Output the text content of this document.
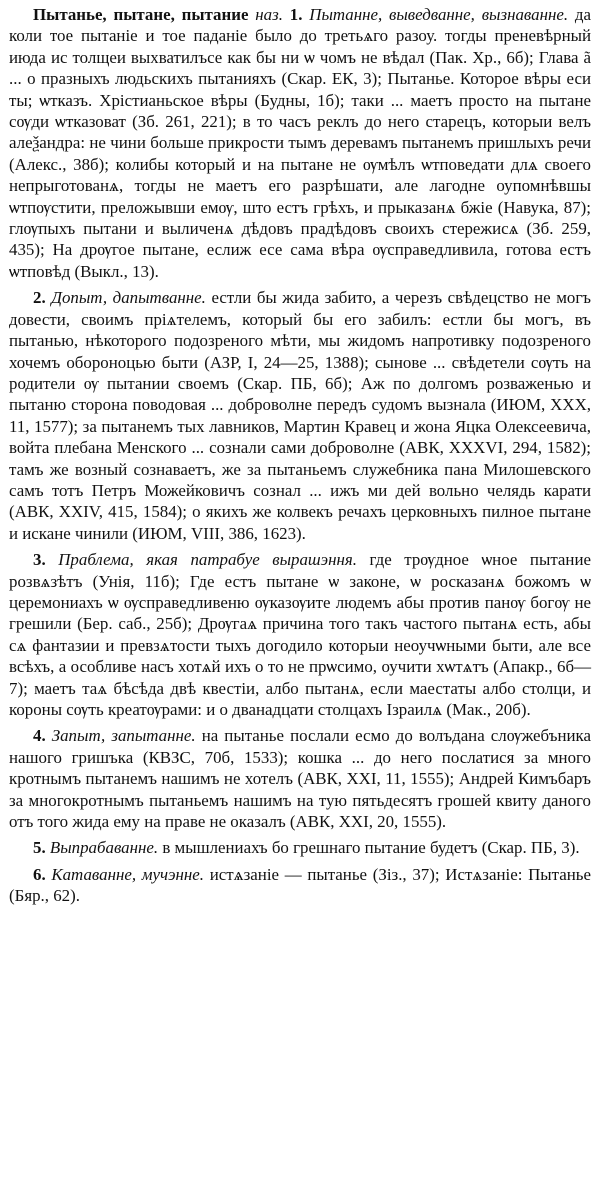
Пытанье, пытане, пытание наз. 1. Пытанне, выведванне, вызнаванне. да коли тое пытаніе и тое паданіе было до третьѧго разоу. тогды преневѣрный июда ис толщеи выхватилъсе как бы ни ѡ чомъ не вѣдал (Пак. Хр., 6б); Глава ã ... о празныхъ людьскихъ пытанияхъ (Скар. ЕК, 3); Пытанье. Которое вѣры еси ты; ѡтказъ. Хрістианьское вѣры (Будны, 1б); таки ... маетъ просто на пытане сѹди ѡтказоват (Зб. 261, 221); в то часъ реклъ до него старецъ, которыи велъ алеѯандра: не чини больше прикрости тымъ деревамъ пытанемъ пришлыхъ речи (Алекс., 38б); колибы который и на пытане не ѹмѣлъ ѡтповедати длѧ своего непрыготованѧ, тогды не маетъ его разрѣшати, але лагодне оупомнѣвшы ѡтпѹстити, преложывши емѹ, што естъ грѣхъ, и прыказанѧ бжіе (Навука, 87); глѹпыхъ пытани и выличенѧ дѣдовъ прадѣдовъ своихъ стережисѧ (Зб. 259, 435); На дрѹгое пытане, еслиж есе сама вѣра ѹсправедливила, готова естъ ѡтповѣд (Выкл., 13).

2. Допыт, дапытванне. естли бы жида забито, а черезъ свѣдецство не могъ довести, своимъ пріѧтелемъ, который бы его забилъ: естли бы могъ, въ пытанью, нѣкоторого подозреного мѣти, мы жидомъ напротивку подозреного хочемъ обороноцью быти (АЗР, I, 24—25, 1388); сынове ... свѣдетели сѹть на родители ѹ пытании своемъ (Скар. ПБ, 6б); Аж по долгомъ розваженью и пытаню сторона поводовая ... доброволне передъ судомъ вызнала (ИЮМ, XXX, 11, 1577); за пытанемъ тых лавников, Мартин Кравец и жона Яцка Олексеевича, войта плебана Менского ... сознали сами доброволне (АВК, XXXVI, 294, 1582); тамъ же возный сознаваетъ, же за пытаньемъ служебника пана Милошевского самъ тотъ Петръ Можейковичъ сознал ... ижъ ми дей вольно челядь карати (АВК, XXIV, 415, 1584); о якихъ же колвекъ речахъ церковныхъ пилное пытане и искане чинили (ИЮМ, VIII, 386, 1623).

3. Праблема, якая патрабуе вырашэння. где трѹдное ѡное пытание розвѧзѣтъ (Унія, 11б); Где естъ пытане ѡ законе, ѡ росказанѧ божомъ ѡ церемониахъ ѡ ѹсправедливеню ѹказѹите людемъ абы против панѹ богѹ не грешили (Бер. саб., 25б); Дрѹгаѧ причина того такъ частого пытанѧ есть, абы сѧ фантазии и превзѧтости тыхъ догодило которыи неоучѡными быти, але все всѣхъ, а особливе насъ хотѧй ихъ о то не прѡсимо, оучити хѡтѧтъ (Апакр., 6б—7); маетъ таѧ бѣсѣда двѣ квестіи, албо пытанѧ, если маестаты албо столци, и короны сѹть креатѹрами: и о дванадцати столцахъ Ізраилѧ (Мак., 20б).

4. Запыт, запытанне. на пытанье послали есмо до волъдана слѹжебъника нашого гришъка (КВЗС, 70б, 1533); кошка ... до него послатися за много кротнымъ пытанемъ нашимъ не хотелъ (АВК, XXI, 11, 1555); Андрей Кимъбаръ за многокротнымъ пытаньемъ нашимъ на тую пятьдесятъ грошей квиту даного отъ того жида ему на праве не оказалъ (АВК, XXI, 20, 1555).

5. Выпрабаванне. в мышлениахъ бо грешнаго пытание будетъ (Скар. ПБ, 3).

6. Катаванне, мучэнне. истѧзаніе — пытанье (Зіз., 37); Истѧзаніе: Пытанье (Бяр., 62).
